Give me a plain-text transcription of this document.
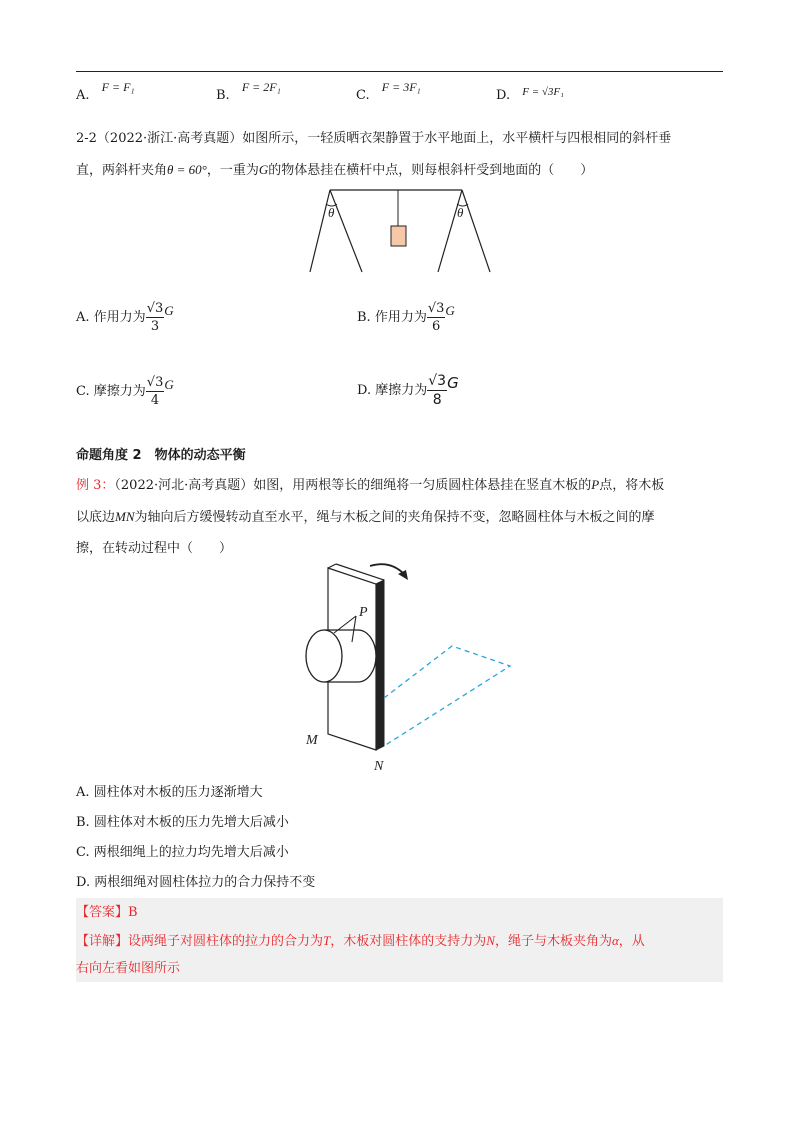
A. F = F₁
B. F = 2F₁
C. F = 3F₁
D. $^{F = √3F_1}$
2-2（2022·浙江·高考真题）如图所示，一轻质晒衣架静置于水平地面上，水平横杆与四根相同的斜杆垂
直，两斜杆夹角θ = 60°，一重为G的物体悬挂在横杆中点，则每根斜杆受到地面的（　　）
θ	θ
A. 作用力为 $\frac{√3}{3}$ G	B. 作用力为 $\frac{√3}{6}$ G
C. 摩擦力为 $\frac{√3}{4}$ G	D. 摩擦力为 $\frac{√3}{8}$ G
命题角度 2　物体的动态平衡
例 3：（2022·河北·高考真题）如图，用两根等长的细绳将一匀质圆柱体悬挂在竖直木板的P点，将木板
以底边MN为轴向后方缓慢转动直至水平，绳与木板之间的夹角保持不变，忽略圆柱体与木板之间的摩
擦，在转动过程中（　　）
P
M
N
A. 圆柱体对木板的压力逐渐增大
B. 圆柱体对木板的压力先增大后减小
C. 两根细绳上的拉力均先增大后减小
D. 两根细绳对圆柱体拉力的合力保持不变
【答案】B
【详解】设两绳子对圆柱体的拉力的合力为T，木板对圆柱体的支持力为N，绳子与木板夹角为α，从
右向左看如图所示
